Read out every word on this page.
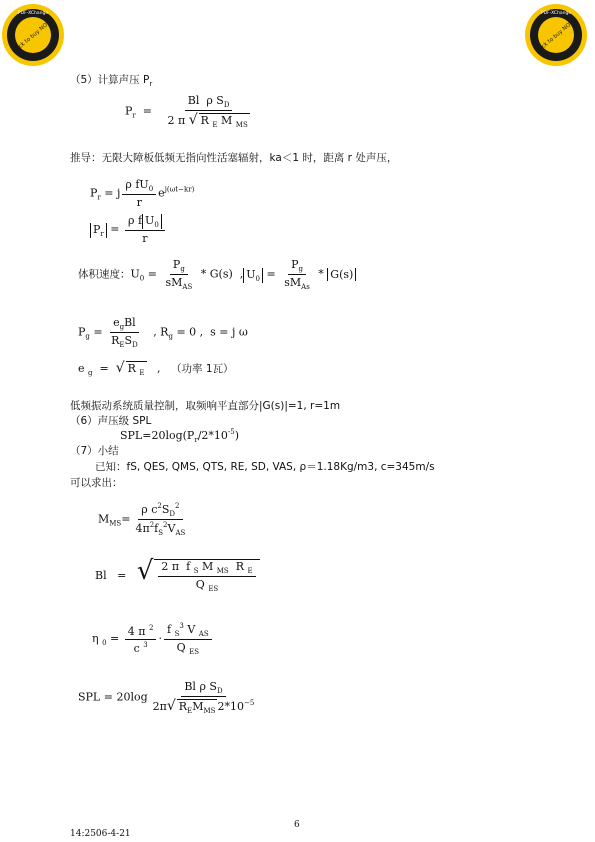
Click to buy NOW!
PDF-XChange
Click to buy NOW!
PDF-XChange
（5）计算声压 $P_r$
$P_r = \frac{Bl \rho S_D}{2 \pi √ R _E M _{MS}}$
推导：无限大障板低频无指向性活塞辐射，ka＜1 时，距离 r 处声压，
$P_r = j \frac{\rho fU_0}{r} e^{j(\omega t-kr)}$
$P_r = \frac{\rho f U_0}{r}$
体积速度：$U_0 = \frac{P_g}{sM_{AS}} * G(s)$  , $U_0 = \frac{P_g}{sM_{As}} * G(s)$
$P_g = \frac{e_gBl}{R_ES_D}$ , $R_g = 0$ ,  s = j ω
e $_g$  =  √ R $_E$   ,   （功率 1瓦）
低频振动系统质量控制，取频响平直部分|G(s)|=1, r=1m
（6）声压级 SPL
$SPL=20\log(P_r/2*10^{-5})$
（7）小结
已知：fS, QES, QMS, QTS, RE, SD, VAS, ρ＝1.18Kg/m3, c=345m/s
可以求出：
$M_{MS}= \frac{\rho c^2S_D^2}{4\pi^2f_S^2V_{AS}}$
Bl   =   √ $\frac{2 \pi f _S M _{MS} R _E}{Q _{ES}}$
η $_0 = \frac{4 \pi ^2}{c ^3} \cdot \frac{f _S^3 V _{AS}}{Q _{ES}}$
SPL = $20\log \frac{Bl \rho S_D}{2\pi√ R_EM_{MS} 2*10^{-5}}$
6
14:2506-4-21
